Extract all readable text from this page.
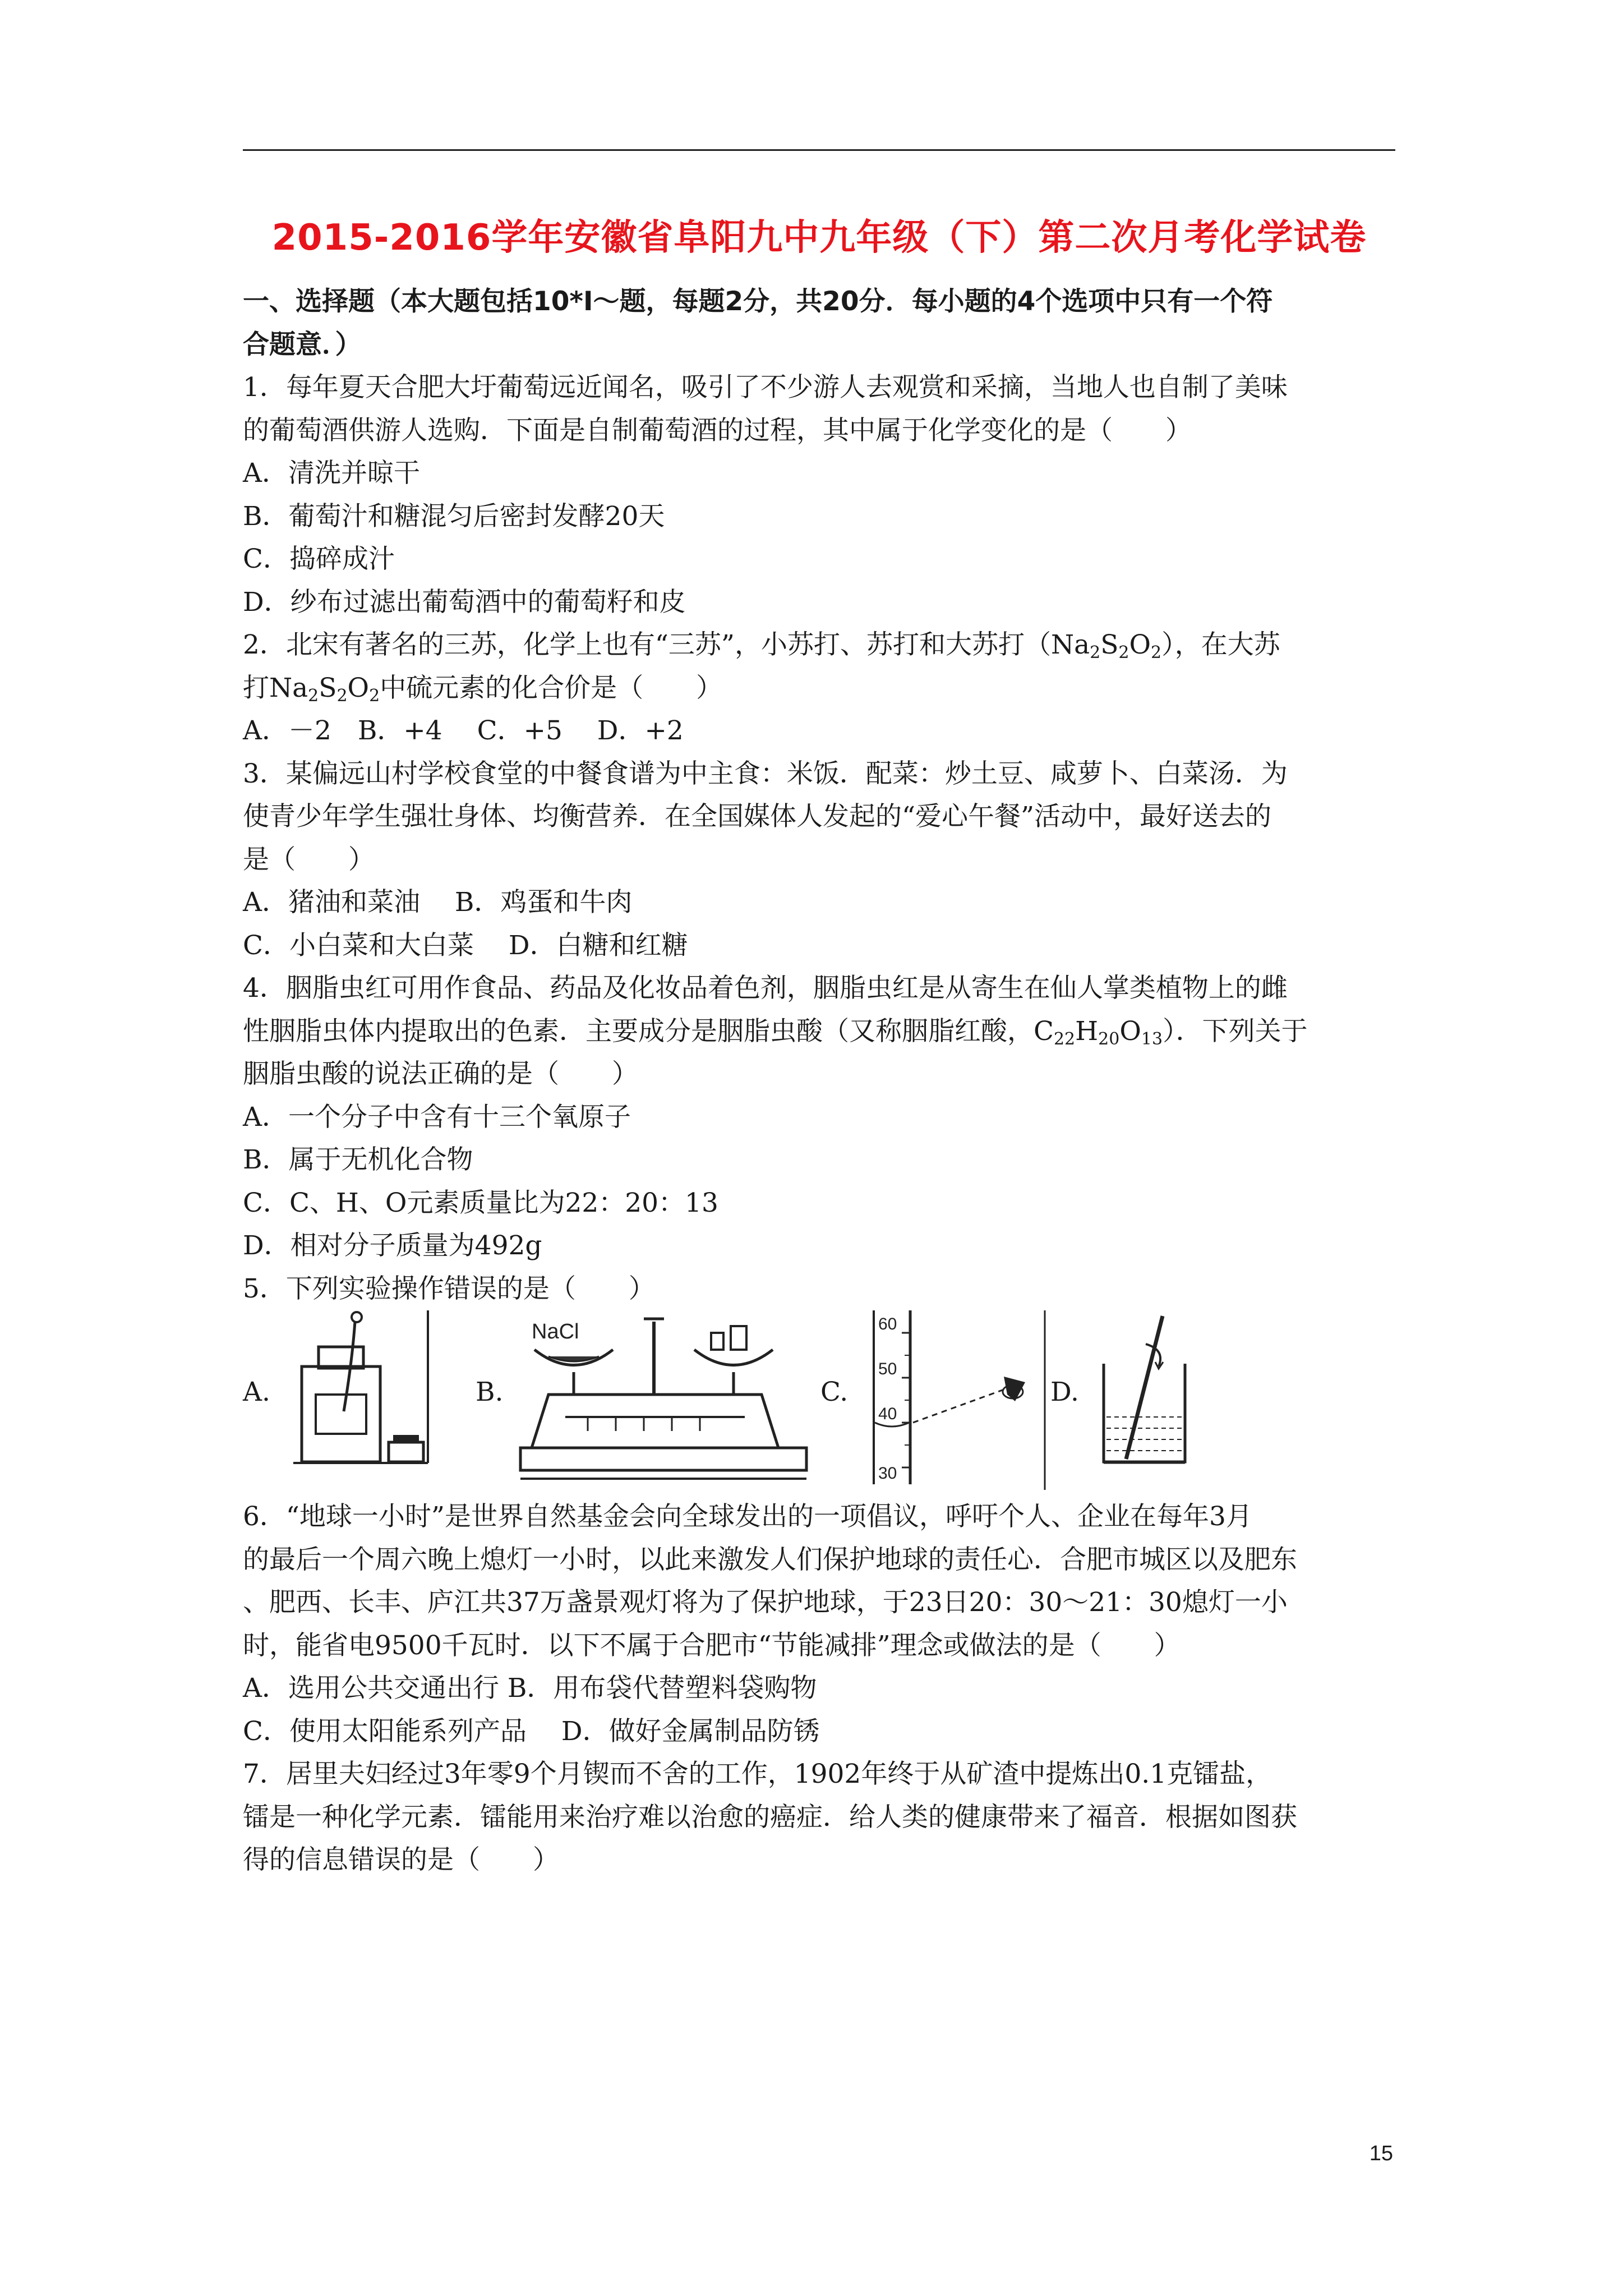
2015-2016学年安徽省阜阳九中九年级（下）第二次月考化学试卷
一、选择题（本大题包括10*I～题，每题2分，共20分．每小题的4个选项中只有一个符
合题意．）
1．每年夏天合肥大圩葡萄远近闻名，吸引了不少游人去观赏和采摘，当地人也自制了美味
的葡萄酒供游人选购．下面是自制葡萄酒的过程，其中属于化学变化的是（　　）
A．清洗并晾干
B．葡萄汁和糖混匀后密封发酵20天
C．捣碎成汁
D．纱布过滤出葡萄酒中的葡萄籽和皮
2．北宋有著名的三苏，化学上也有“三苏”，小苏打、苏打和大苏打$(Na_2S_2O_2)$，在大苏
打$Na_2S_2O_2$中硫元素的化合价是（　　）
A．－2　B．+4　 C．+5　 D．+2
3．某偏远山村学校食堂的中餐食谱为中主食：米饭．配菜：炒土豆、咸萝卜、白菜汤．为
使青少年学生强壮身体、均衡营养．在全国媒体人发起的“爱心午餐”活动中，最好送去的
是（　　）
A．猪油和菜油　 B．鸡蛋和牛肉
C．小白菜和大白菜　 D．白糖和红糖
4．胭脂虫红可用作食品、药品及化妆品着色剂，胭脂虫红是从寄生在仙人掌类植物上的雌
性胭脂虫体内提取出的色素．主要成分是胭脂虫酸（又称胭脂红酸，$C_{22}H_{20}O_{13}$）．下列关于
胭脂虫酸的说法正确的是（　　）
A．一个分子中含有十三个氧原子
B．属于无机化合物
C．C、H、O元素质量比为22：20：13
D．相对分子质量为492g
5．下列实验操作错误的是（　　）
A.	B.
NaCl
C.
60
50
40
30
D.
6．“地球一小时”是世界自然基金会向全球发出的一项倡议，呼吁个人、企业在每年3月
的最后一个周六晚上熄灯一小时，以此来激发人们保护地球的责任心．合肥市城区以及肥东
、肥西、长丰、庐江共37万盏景观灯将为了保护地球，于23日20：30～21：30熄灯一小
时，能省电9500千瓦时．以下不属于合肥市“节能减排”理念或做法的是（　　）
A．选用公共交通出行 B．用布袋代替塑料袋购物
C．使用太阳能系列产品　 D．做好金属制品防锈
7．居里夫妇经过3年零9个月锲而不舍的工作，1902年终于从矿渣中提炼出0.1克镭盐，
镭是一种化学元素．镭能用来治疗难以治愈的癌症．给人类的健康带来了福音．根据如图获
得的信息错误的是（　　）
15
